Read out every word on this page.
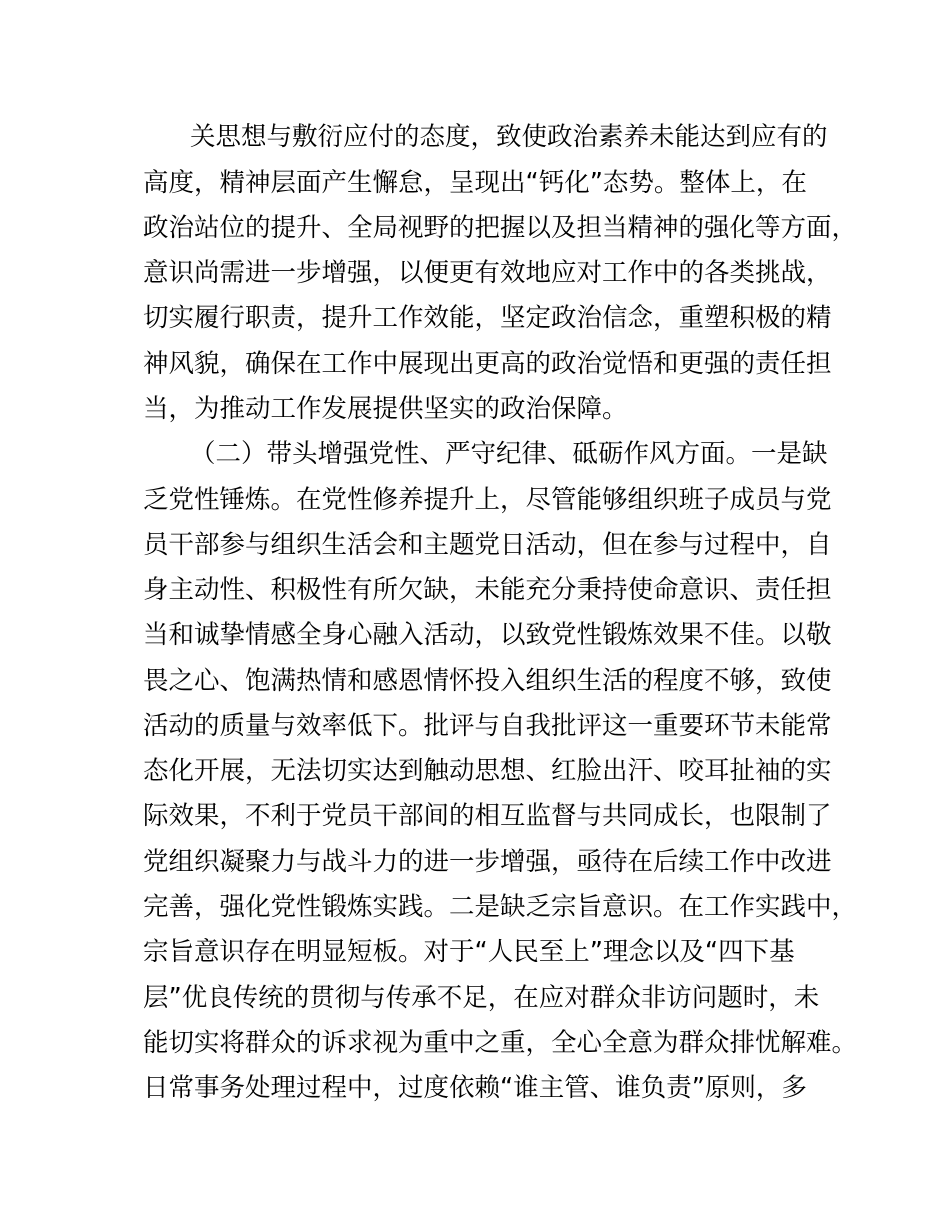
关思想与敷衍应付的态度，致使政治素养未能达到应有的
高度，精神层面产生懈怠，呈现出“钙化”态势。整体上，在
政治站位的提升、全局视野的把握以及担当精神的强化等方面，
意识尚需进一步增强，以便更有效地应对工作中的各类挑战，
切实履行职责，提升工作效能，坚定政治信念，重塑积极的精
神风貌，确保在工作中展现出更高的政治觉悟和更强的责任担
当，为推动工作发展提供坚实的政治保障。
（二）带头增强党性、严守纪律、砥砺作风方面。一是缺
乏党性锤炼。在党性修养提升上，尽管能够组织班子成员与党
员干部参与组织生活会和主题党日活动，但在参与过程中，自
身主动性、积极性有所欠缺，未能充分秉持使命意识、责任担
当和诚挚情感全身心融入活动，以致党性锻炼效果不佳。以敬
畏之心、饱满热情和感恩情怀投入组织生活的程度不够，致使
活动的质量与效率低下。批评与自我批评这一重要环节未能常
态化开展，无法切实达到触动思想、红脸出汗、咬耳扯袖的实
际效果，不利于党员干部间的相互监督与共同成长，也限制了
党组织凝聚力与战斗力的进一步增强，亟待在后续工作中改进
完善，强化党性锻炼实践。二是缺乏宗旨意识。在工作实践中，
宗旨意识存在明显短板。对于“人民至上”理念以及“四下基
层”优良传统的贯彻与传承不足，在应对群众非访问题时，未
能切实将群众的诉求视为重中之重，全心全意为群众排忧解难。
日常事务处理过程中，过度依赖“谁主管、谁负责”原则，多
